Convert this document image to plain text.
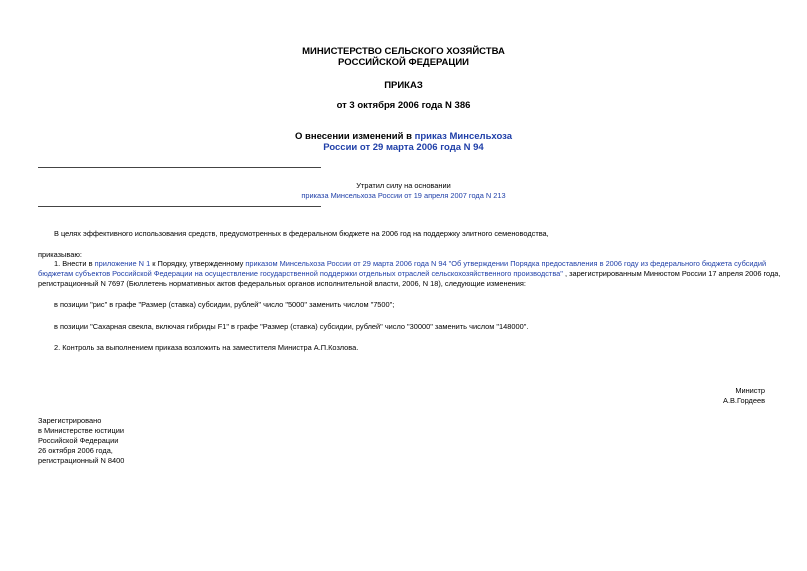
МИНИСТЕРСТВО СЕЛЬСКОГО ХОЗЯЙСТВА
РОССИЙСКОЙ ФЕДЕРАЦИИ
ПРИКАЗ
от 3 октября 2006 года N 386
О внесении изменений в приказ Минсельхоза
России от 29 марта 2006 года N 94
Утратил силу на основании
приказа Минсельхоза России от 19 апреля 2007 года N 213
В целях эффективного использования средств, предусмотренных в федеральном бюджете на 2006 год на поддержку элитного семеноводства,
приказываю:
1. Внести в приложение N 1 к Порядку, утвержденному приказом Минсельхоза России от 29 марта 2006 года N 94 "Об утверждении Порядка предоставления в 2006 году из федерального бюджета субсидий
бюджетам субъектов Российской Федерации на осуществление государственной поддержки отдельных отраслей сельскохозяйственного производства" , зарегистрированным Минюстом России 17 апреля 2006 года,
регистрационный N 7697 (Бюллетень нормативных актов федеральных органов исполнительной власти, 2006, N 18), следующие изменения:
в позиции "рис" в графе "Размер (ставка) субсидии, рублей" число "5000" заменить числом "7500";
в позиции "Сахарная свекла, включая гибриды F1" в графе "Размер (ставка) субсидии, рублей" число "30000" заменить числом "148000".
2. Контроль за выполнением приказа возложить на заместителя Министра А.П.Козлова.
Министр
А.В.Гордеев
Зарегистрировано
в Министерстве юстиции
Российской Федерации
26 октября 2006 года,
регистрационный N 8400
